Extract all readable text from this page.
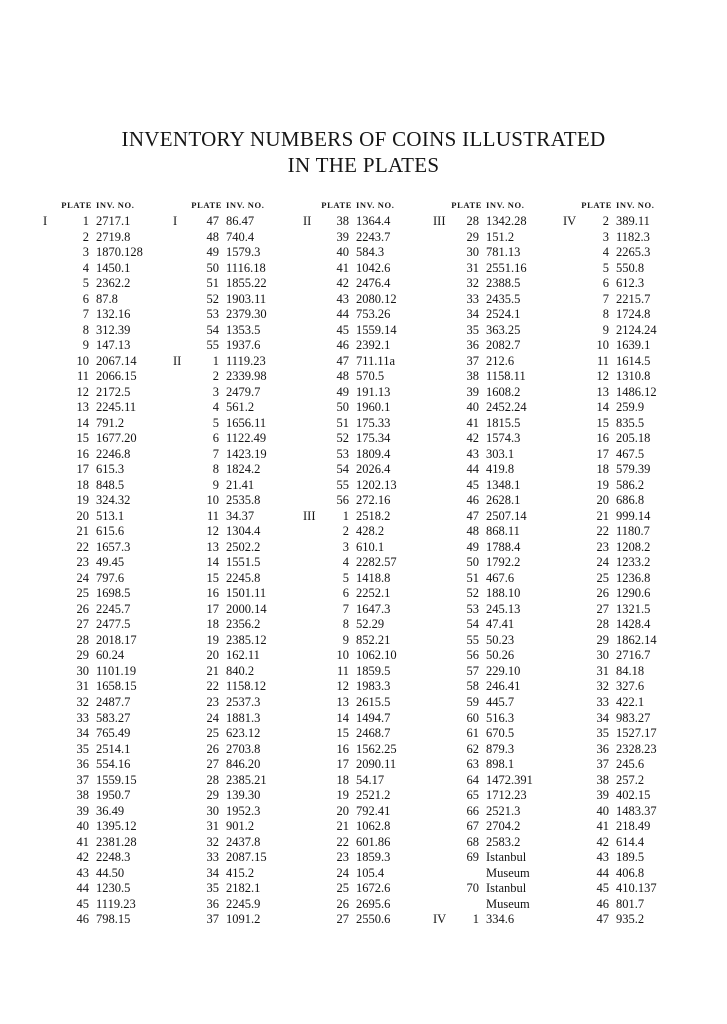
INVENTORY NUMBERS OF COINS ILLUSTRATED
IN THE PLATES
PLATE INV. NO.
I	1 2717.1
2 2719.8
3 1870.128
4 1450.1
5 2362.2
6 87.8
7 132.16
8 312.39
9 147.13
10 2067.14
11 2066.15
12 2172.5
13 2245.11
14 791.2
15 1677.20
16 2246.8
17 615.3
18 848.5
19 324.32
20 513.1
21 615.6
22 1657.3
23 49.45
24 797.6
25 1698.5
26 2245.7
27 2477.5
28 2018.17
29 60.24
30 1101.19
31 1658.15
32 2487.7
33 583.27
34 765.49
35 2514.1
36 554.16
37 1559.15
38 1950.7
39 36.49
40 1395.12
41 2381.28
42 2248.3
43 44.50
44 1230.5
45 1119.23
46 798.15
PLATE INV. NO.
I	47 86.47
48 740.4
49 1579.3
50 1116.18
51 1855.22
52 1903.11
53 2379.30
54 1353.5
55 1937.6
II	1 1119.23
2 2339.98
3 2479.7
4 561.2
5 1656.11
6 1122.49
7 1423.19
8 1824.2
9 21.41
10 2535.8
11 34.37
12 1304.4
13 2502.2
14 1551.5
15 2245.8
16 1501.11
17 2000.14
18 2356.2
19 2385.12
20 162.11
21 840.2
22 1158.12
23 2537.3
24 1881.3
25 623.12
26 2703.8
27 846.20
28 2385.21
29 139.30
30 1952.3
31 901.2
32 2437.8
33 2087.15
34 415.2
35 2182.1
36 2245.9
37 1091.2
PLATE INV. NO.
II	38 1364.4
39 2243.7
40 584.3
41 1042.6
42 2476.4
43 2080.12
44 753.26
45 1559.14
46 2392.1
47 711.11a
48 570.5
49 191.13
50 1960.1
51 175.33
52 175.34
53 1809.4
54 2026.4
55 1202.13
56 272.16
III	1 2518.2
2 428.2
3 610.1
4 2282.57
5 1418.8
6 2252.1
7 1647.3
8 52.29
9 852.21
10 1062.10
11 1859.5
12 1983.3
13 2615.5
14 1494.7
15 2468.7
16 1562.25
17 2090.11
18 54.17
19 2521.2
20 792.41
21 1062.8
22 601.86
23 1859.3
24 105.4
25 1672.6
26 2695.6
27 2550.6
PLATE INV. NO.
III	28 1342.28
29 151.2
30 781.13
31 2551.16
32 2388.5
33 2435.5
34 2524.1
35 363.25
36 2082.7
37 212.6
38 1158.11
39 1608.2
40 2452.24
41 1815.5
42 1574.3
43 303.1
44 419.8
45 1348.1
46 2628.1
47 2507.14
48 868.11
49 1788.4
50 1792.2
51 467.6
52 188.10
53 245.13
54 47.41
55 50.23
56 50.26
57 229.10
58 246.41
59 445.7
60 516.3
61 670.5
62 879.3
63 898.1
64 1472.391
65 1712.23
66 2521.3
67 2704.2
68 2583.2
69 Istanbul
Museum
70 Istanbul
Museum
IV	1 334.6
PLATE INV. NO.
IV	2 389.11
3 1182.3
4 2265.3
5 550.8
6 612.3
7 2215.7
8 1724.8
9 2124.24
10 1639.1
11 1614.5
12 1310.8
13 1486.12
14 259.9
15 835.5
16 205.18
17 467.5
18 579.39
19 586.2
20 686.8
21 999.14
22 1180.7
23 1208.2
24 1233.2
25 1236.8
26 1290.6
27 1321.5
28 1428.4
29 1862.14
30 2716.7
31 84.18
32 327.6
33 422.1
34 983.27
35 1527.17
36 2328.23
37 245.6
38 257.2
39 402.15
40 1483.37
41 218.49
42 614.4
43 189.5
44 406.8
45 410.137
46 801.7
47 935.2
